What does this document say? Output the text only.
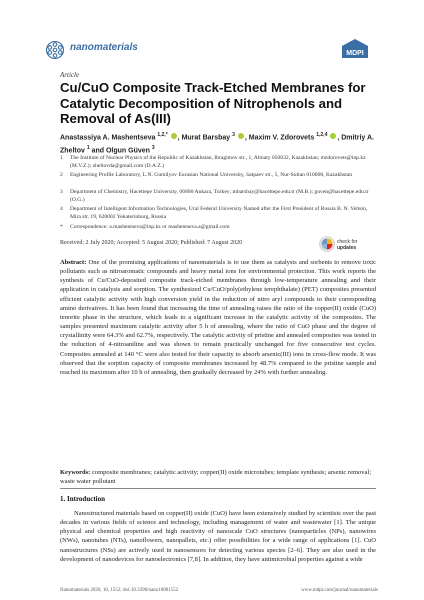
nanomaterials
MDPI
Article
Cu/CuO Composite Track-Etched Membranes for Catalytic Decomposition of Nitrophenols and Removal of As(III)
Anastassiya A. Mashentseva $^{1,2,*}$ , Murat Barsbay $^3$ , Maxim V. Zdorovets $^{1,2,4}$ , Dmitriy A. Zheltov $^1$ and Olgun Güven $^3$
1 The Institute of Nuclear Physics of the Republic of Kazakhstan, Ibragimov str., 1, Almaty 050032, Kazakhstan; mzdorovets@inp.kz (M.V.Z.); zheltovda@gmail.com (D.A.Z.)
2 Engineering Profile Laboratory, L.N. Gumilyov Eurasian National University, Satpaev str., 5, Nur-Sultan 010008, Kazakhstan
3 Department of Chemistry, Hacettepe University, 06800 Ankara, Turkey; mbarsbay@hacettepe.edu.tr (M.B.); guven@hacettepe.edu.tr (O.G.)
4 Department of Intelligent Information Technologies, Ural Federal University Named after the First President of Russia B. N. Yeltsin, Mira str. 19, 620002 Yekaterinburg, Russia
* Correspondence: a.mashentseva@inp.kz or mashentseva.a@gmail.com
Received: 2 July 2020; Accepted: 5 August 2020; Published: 7 August 2020	check for
updates
Abstract: One of the promising applications of nanomaterials is to use them as catalysts and sorbents to remove toxic pollutants such as nitroaromatic compounds and heavy metal ions for environmental protection. This work reports the synthesis of Cu/CuO-deposited composite track-etched membranes through low-temperature annealing and their application in catalysis and sorption. The synthesized Cu/CuO/poly(ethylene terephthalate) (PET) composites presented efficient catalytic activity with high conversion yield in the reduction of nitro aryl compounds to their corresponding amino derivatives. It has been found that increasing the time of annealing raises the ratio of the copper(II) oxide (CuO) tenorite phase in the structure, which leads to a significant increase in the catalytic activity of the composites. The samples presented maximum catalytic activity after 5 h of annealing, where the ratio of CuO phase and the degree of crystallinity were 64.3% and 62.7%, respectively. The catalytic activity of pristine and annealed composites was tested in the reduction of 4-nitroaniline and was shown to remain practically unchanged for five consecutive test cycles. Composites annealed at 140 °C were also tested for their capacity to absorb arsenic(III) ions in cross-flow mode. It was observed that the sorption capacity of composite membranes increased by 48.7% compared to the pristine sample and reached its maximum after 10 h of annealing, then gradually decreased by 24% with further annealing.
Keywords: composite membranes; catalytic activity; copper(II) oxide microtubes; template synthesis; arsenic removal; waste water pollutant
1. Introduction
Nanostructured materials based on copper(II) oxide (CuO) have been extensively studied by scientists over the past decades in various fields of science and technology, including management of water and wastewater [1]. The unique physical and chemical properties and high reactivity of nanoscale CuO structures (nanoparticles (NPs), nanowires (NWs), nanotubes (NTs), nanoflowers, nanopallets, etc.) offer possibilities for a wide range of applications [1]. CuO nanostructures (NSs) are actively used in nanosensors for detecting various species [2–6]. They are also used in the development of nanodevices for nanoelectronics [7,8]. In addition, they have antimicrobial properties against a wide
Nanomaterials 2020, 10, 1552; doi:10.3390/nano10081552	www.mdpi.com/journal/nanomaterials
